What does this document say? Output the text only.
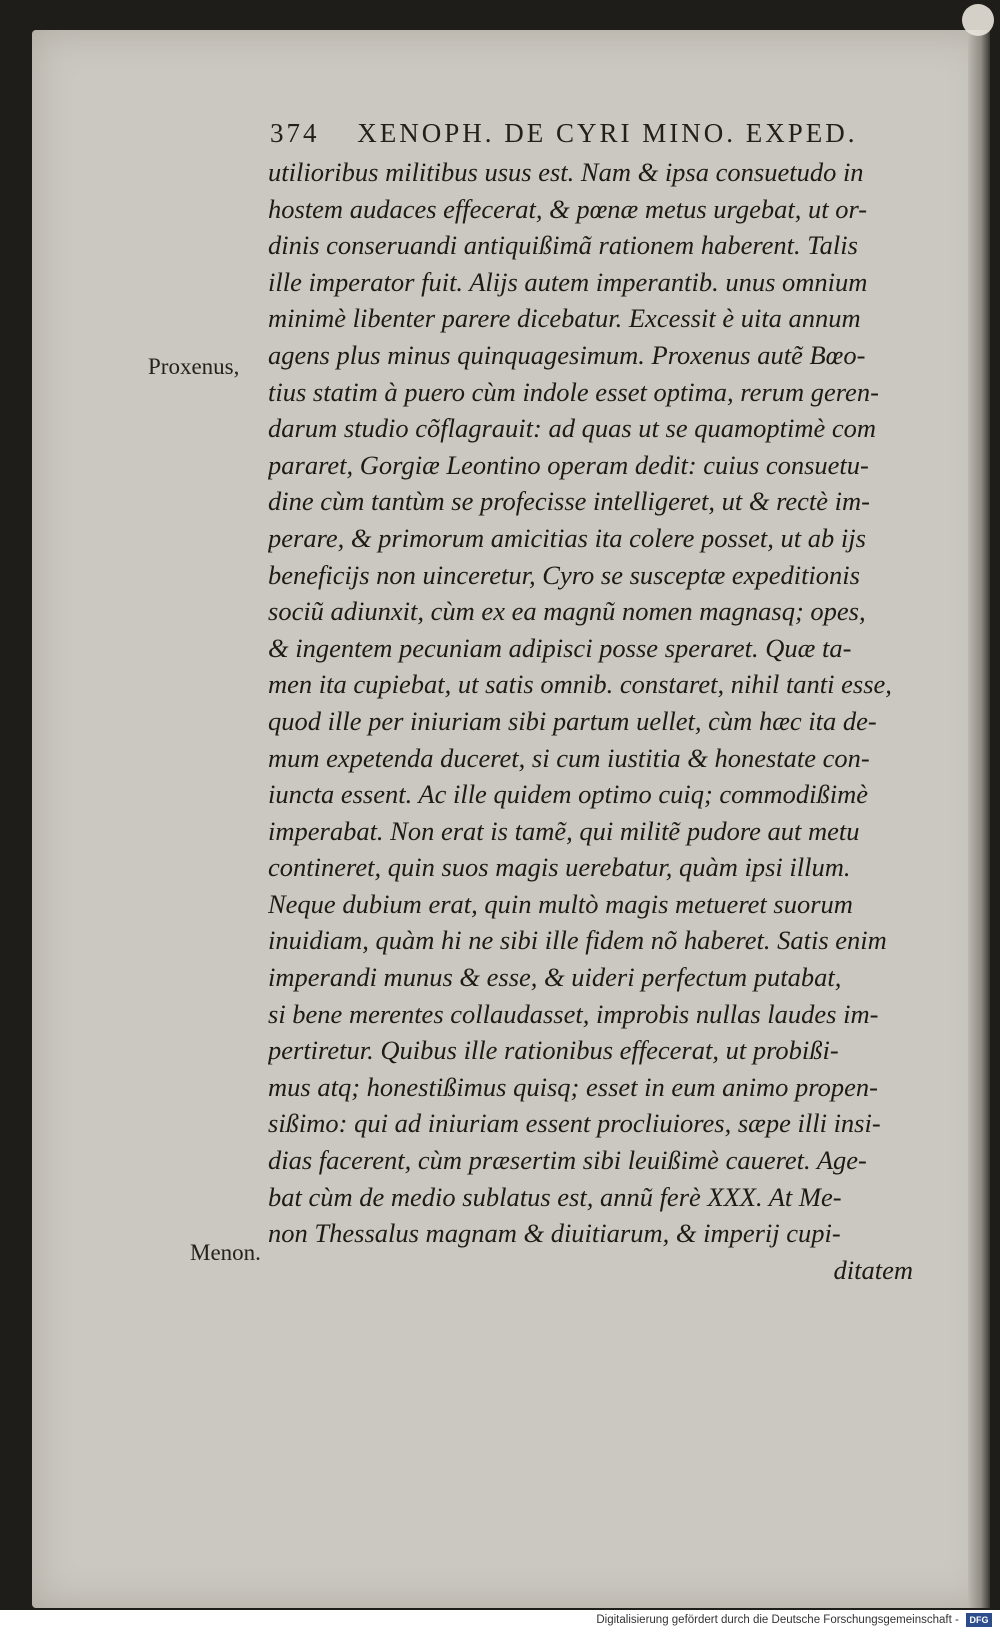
374 XENOPH. DE CYRI MINO. EXPED.
Proxenus,
Menon.
utilioribus militibus usus est. Nam & ipsa consuetudo in
hostem audaces effecerat, & pœnæ metus urgebat, ut or-
dinis conseruandi antiquißimã rationem haberent. Talis
ille imperator fuit. Alijs autem imperantib. unus omnium
minimè libenter parere dicebatur. Excessit è uita annum
agens plus minus quinquagesimum. Proxenus autẽ Bœo-
tius statim à puero cùm indole esset optima, rerum geren-
darum studio cõflagrauit: ad quas ut se quamoptimè com
pararet, Gorgiæ Leontino operam dedit: cuius consuetu-
dine cùm tantùm se profecisse intelligeret, ut & rectè im-
perare, & primorum amicitias ita colere posset, ut ab ijs
beneficijs non uinceretur, Cyro se susceptæ expeditionis
sociũ adiunxit, cùm ex ea magnũ nomen magnasq; opes,
& ingentem pecuniam adipisci posse speraret. Quæ ta-
men ita cupiebat, ut satis omnib. constaret, nihil tanti esse,
quod ille per iniuriam sibi partum uellet, cùm hæc ita de-
mum expetenda duceret, si cum iustitia & honestate con-
iuncta essent. Ac ille quidem optimo cuiq; commodißimè
imperabat. Non erat is tamẽ, qui militẽ pudore aut metu
contineret, quin suos magis uerebatur, quàm ipsi illum.
Neque dubium erat, quin multò magis metueret suorum
inuidiam, quàm hi ne sibi ille fidem nõ haberet. Satis enim
imperandi munus & esse, & uideri perfectum putabat,
si bene merentes collaudasset, improbis nullas laudes im-
pertiretur. Quibus ille rationibus effecerat, ut probißi-
mus atq; honestißimus quisq; esset in eum animo propen-
sißimo: qui ad iniuriam essent procliuiores, sæpe illi insi-
dias facerent, cùm præsertim sibi leuißimè caueret. Age-
bat cùm de medio sublatus est, annũ ferè XXX. At Me-
non Thessalus magnam & diuitiarum, & imperij cupi-
ditatem
Digitalisierung gefördert durch die Deutsche Forschungsgemeinschaft - DFG
